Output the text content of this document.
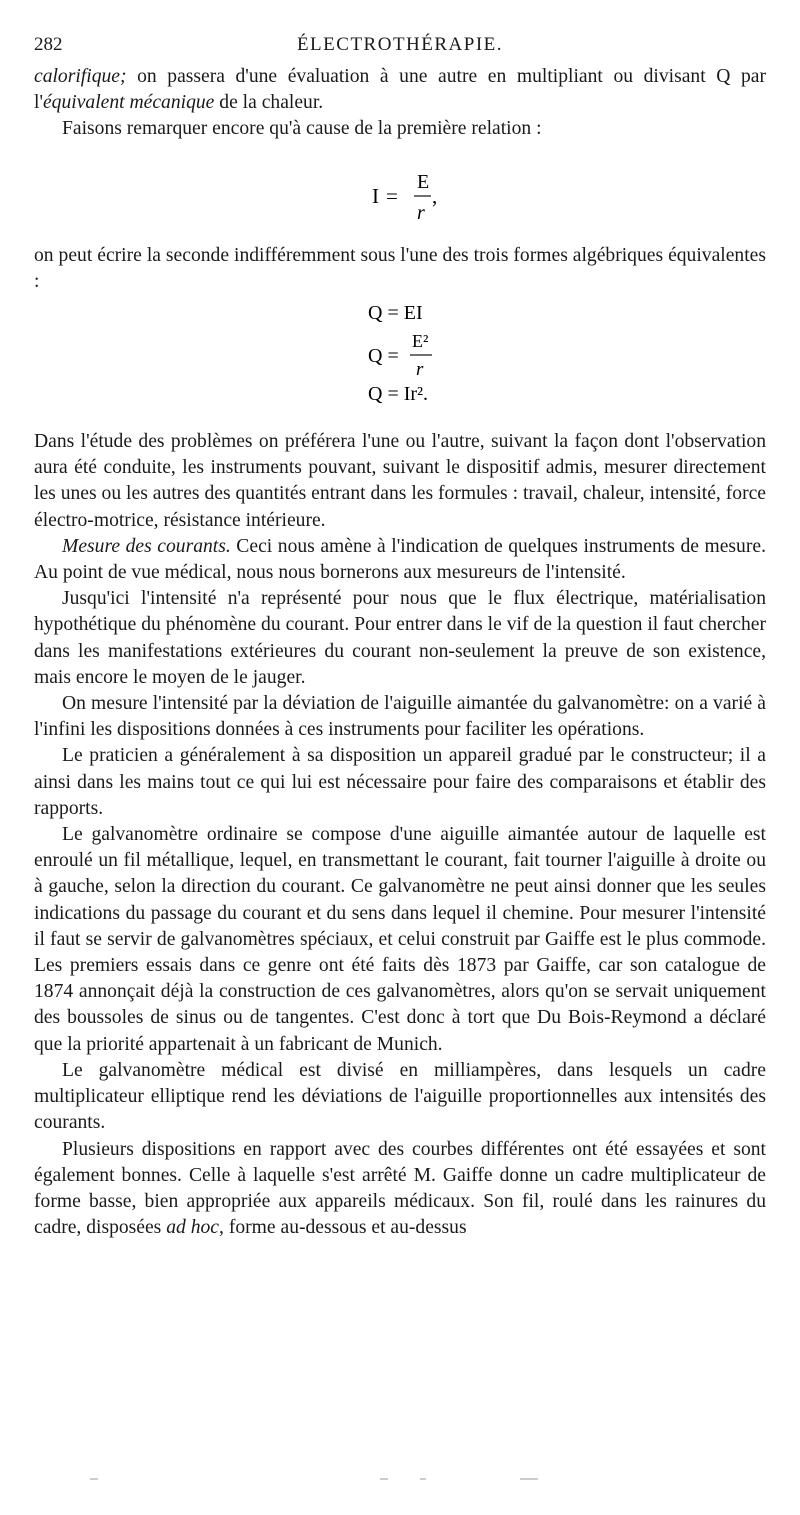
282	ÉLECTROTHÉRAPIE.

calorifique; on passera d'une évaluation à une autre en multipliant ou divisant Q par l'équivalent mécanique de la chaleur.

Faisons remarquer encore qu'à cause de la première relation :

I =
E
r
,

on peut écrire la seconde indifféremment sous l'une des trois formes algébriques équivalentes :

Q = EI
Q =
E²
r
Q = Ir².

Dans l'étude des problèmes on préférera l'une ou l'autre, suivant la façon dont l'observation aura été conduite, les instruments pouvant, suivant le dispositif admis, mesurer directement les unes ou les autres des quantités entrant dans les formules : travail, chaleur, intensité, force électro-motrice, résistance intérieure.

Mesure des courants. Ceci nous amène à l'indication de quelques instruments de mesure. Au point de vue médical, nous nous bornerons aux mesureurs de l'intensité.

Jusqu'ici l'intensité n'a représenté pour nous que le flux électrique, matérialisation hypothétique du phénomène du courant. Pour entrer dans le vif de la question il faut chercher dans les manifestations extérieures du courant non-seulement la preuve de son existence, mais encore le moyen de le jauger.

On mesure l'intensité par la déviation de l'aiguille aimantée du galvanomètre: on a varié à l'infini les dispositions données à ces instruments pour faciliter les opérations.

Le praticien a généralement à sa disposition un appareil gradué par le constructeur; il a ainsi dans les mains tout ce qui lui est nécessaire pour faire des comparaisons et établir des rapports.

Le galvanomètre ordinaire se compose d'une aiguille aimantée autour de laquelle est enroulé un fil métallique, lequel, en transmettant le courant, fait tourner l'aiguille à droite ou à gauche, selon la direction du courant. Ce galvanomètre ne peut ainsi donner que les seules indications du passage du courant et du sens dans lequel il chemine. Pour mesurer l'intensité il faut se servir de galvanomètres spéciaux, et celui construit par Gaiffe est le plus commode. Les premiers essais dans ce genre ont été faits dès 1873 par Gaiffe, car son catalogue de 1874 annonçait déjà la construction de ces galvanomètres, alors qu'on se servait uniquement des boussoles de sinus ou de tangentes. C'est donc à tort que Du Bois-Reymond a déclaré que la priorité appartenait à un fabricant de Munich.

Le galvanomètre médical est divisé en milliampères, dans lesquels un cadre multiplicateur elliptique rend les déviations de l'aiguille proportionnelles aux intensités des courants.

Plusieurs dispositions en rapport avec des courbes différentes ont été essayées et sont également bonnes. Celle à laquelle s'est arrêté M. Gaiffe donne un cadre multiplicateur de forme basse, bien appropriée aux appareils médicaux. Son fil, roulé dans les rainures du cadre, disposées ad hoc, forme au-dessous et au-dessus
